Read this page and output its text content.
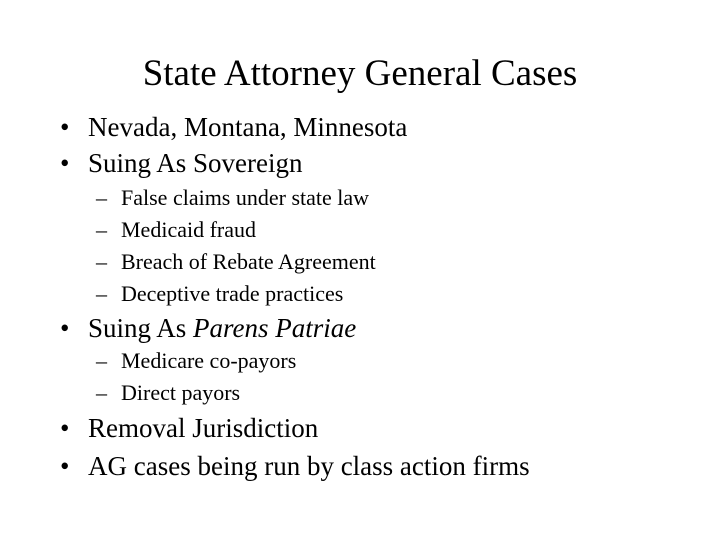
State Attorney General Cases
• Nevada, Montana, Minnesota
• Suing As Sovereign
– False claims under state law
– Medicaid fraud
– Breach of Rebate Agreement
– Deceptive trade practices
• Suing As Parens Patriae
– Medicare co-payors
– Direct payors
• Removal Jurisdiction
• AG cases being run by class action firms
